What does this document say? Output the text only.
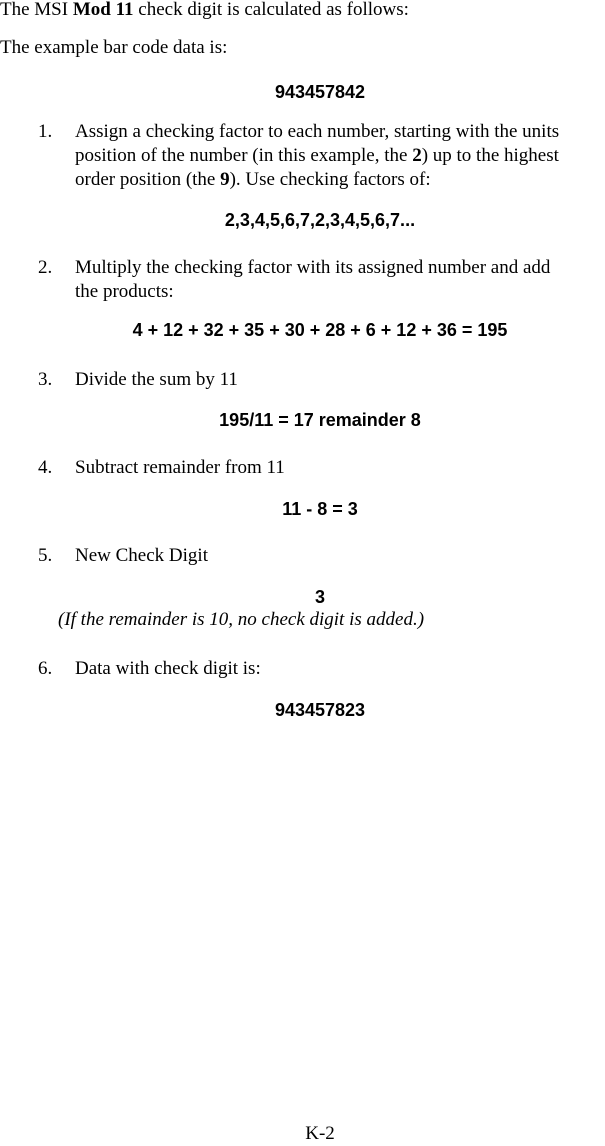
The MSI Mod 11 check digit is calculated as follows:
The example bar code data is:
943457842
1. Assign a checking factor to each number, starting with the units
position of the number (in this example, the 2) up to the highest
order position (the 9). Use checking factors of:
2,3,4,5,6,7,2,3,4,5,6,7...
2. Multiply the checking factor with its assigned number and add
the products:
4 + 12 + 32 + 35 + 30 + 28 + 6 + 12 + 36 = 195
3. Divide the sum by 11
195/11 = 17 remainder 8
4. Subtract remainder from 11
11 - 8 = 3
5. New Check Digit
3
(If the remainder is 10, no check digit is added.)
6. Data with check digit is:
943457823
K-2
